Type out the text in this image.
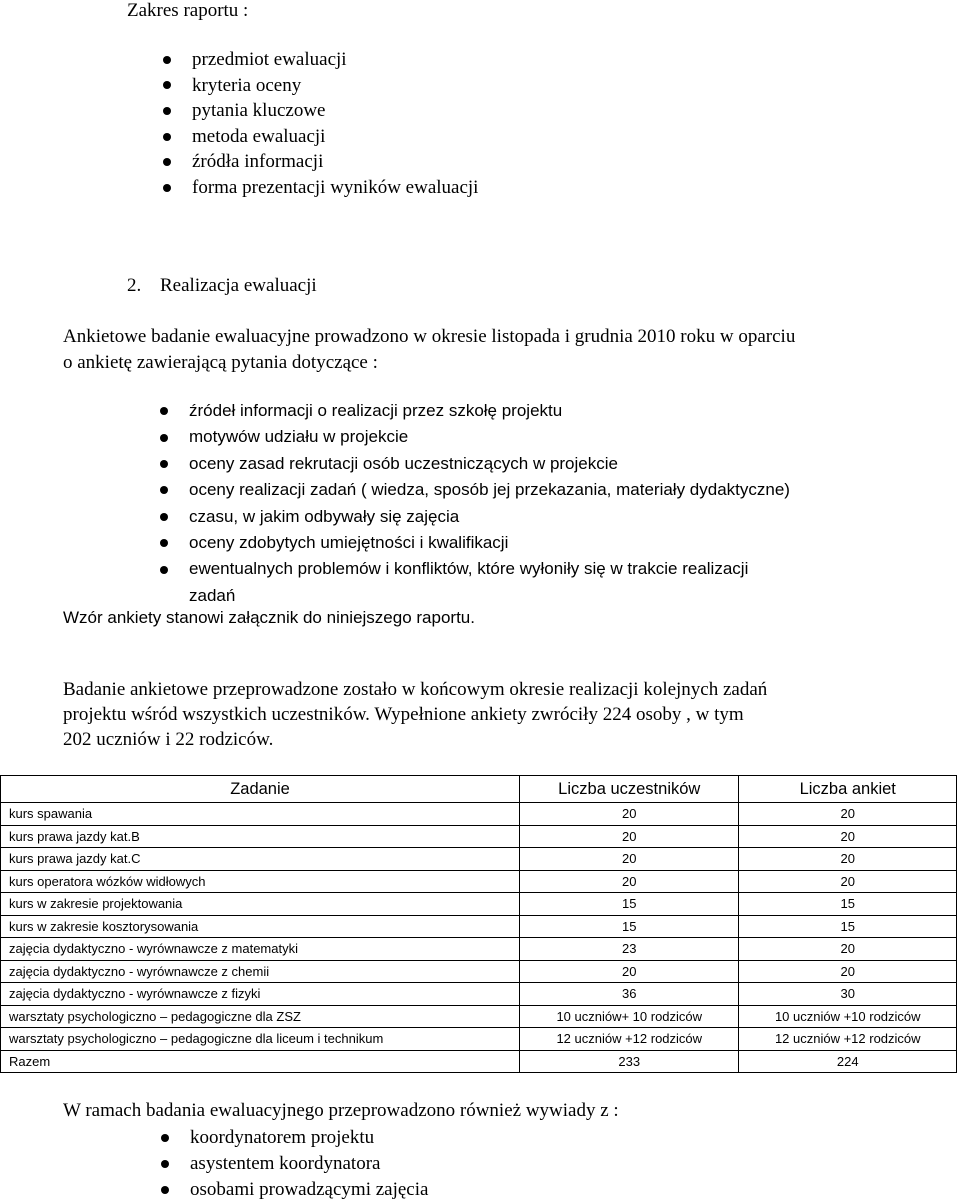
Zakres raportu :

przedmiot ewaluacji
kryteria oceny
pytania kluczowe
metoda ewaluacji
źródła informacji
forma prezentacji wyników ewaluacji

2. Realizacja ewaluacji

Ankietowe badanie ewaluacyjne prowadzono w okresie listopada i grudnia 2010 roku w oparciu
o ankietę zawierającą pytania dotyczące :
źródeł informacji o realizacji przez szkołę projektu
motywów udziału w projekcie
oceny zasad rekrutacji osób uczestniczących w projekcie
oceny realizacji zadań ( wiedza, sposób jej przekazania, materiały dydaktyczne)
czasu, w jakim odbywały się zajęcia
oceny zdobytych umiejętności i kwalifikacji
ewentualnych problemów i konfliktów, które wyłoniły się w trakcie realizacji
zadań

Wzór ankiety stanowi załącznik do niniejszego raportu.

Badanie ankietowe przeprowadzone zostało w końcowym okresie realizacji kolejnych zadań
projektu wśród wszystkich uczestników. Wypełnione ankiety zwróciły 224 osoby , w tym
202 uczniów i 22 rodziców.
Zadanie	Liczba uczestników	Liczba ankiet
kurs spawania	20	20
kurs prawa jazdy kat.B	20	20
kurs prawa jazdy kat.C	20	20
kurs operatora wózków widłowych	20	20
kurs w zakresie projektowania	15	15
kurs w zakresie kosztorysowania	15	15
zajęcia dydaktyczno - wyrównawcze z matematyki	23	20
zajęcia dydaktyczno - wyrównawcze z chemii	20	20
zajęcia dydaktyczno - wyrównawcze z fizyki	36	30
warsztaty psychologiczno – pedagogiczne dla ZSZ	10 uczniów+ 10 rodziców	10 uczniów +10 rodziców
warsztaty psychologiczno – pedagogiczne dla liceum i technikum	12 uczniów +12 rodziców	12 uczniów +12 rodziców
Razem	233	224

W ramach badania ewaluacyjnego przeprowadzono również wywiady z :

koordynatorem projektu
asystentem koordynatora
osobami prowadzącymi zajęcia
